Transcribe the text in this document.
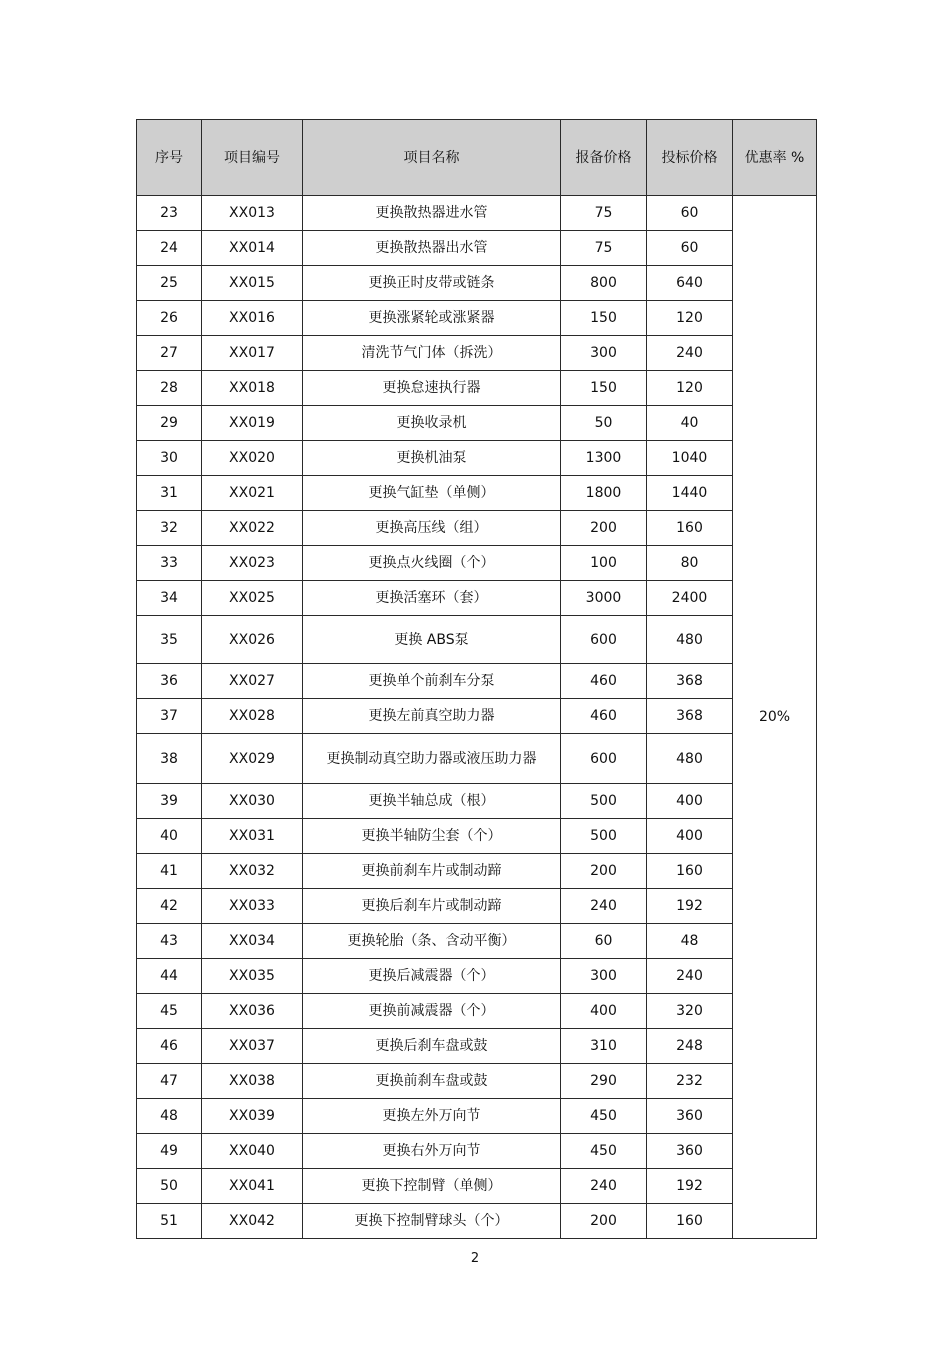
序号	项目编号	项目名称	报备价格	投标价格	优惠率 %
23	XX013	更换散热器进水管	75	60	20%
24	XX014	更换散热器出水管	75	60	
25	XX015	更换正时皮带或链条	800	640	
26	XX016	更换涨紧轮或涨紧器	150	120	
27	XX017	清洗节气门体（拆洗）	300	240	
28	XX018	更换怠速执行器	150	120	
29	XX019	更换收录机	50	40	
30	XX020	更换机油泵	1300	1040	
31	XX021	更换气缸垫（单侧）	1800	1440	
32	XX022	更换高压线（组）	200	160	
33	XX023	更换点火线圈（个）	100	80	
34	XX025	更换活塞环（套）	3000	2400	
35	XX026	更换 ABS泵	600	480	
36	XX027	更换单个前刹车分泵	460	368	
37	XX028	更换左前真空助力器	460	368	
38	XX029	更换制动真空助力器或液压助力器	600	480	
39	XX030	更换半轴总成（根）	500	400	
40	XX031	更换半轴防尘套（个）	500	400	
41	XX032	更换前刹车片或制动蹄	200	160	
42	XX033	更换后刹车片或制动蹄	240	192	
43	XX034	更换轮胎（条、含动平衡）	60	48	
44	XX035	更换后减震器（个）	300	240	
45	XX036	更换前减震器（个）	400	320	
46	XX037	更换后刹车盘或鼓	310	248	
47	XX038	更换前刹车盘或鼓	290	232	
48	XX039	更换左外万向节	450	360	
49	XX040	更换右外万向节	450	360	
50	XX041	更换下控制臂（单侧）	240	192	
51	XX042	更换下控制臂球头（个）	200	160	
2
